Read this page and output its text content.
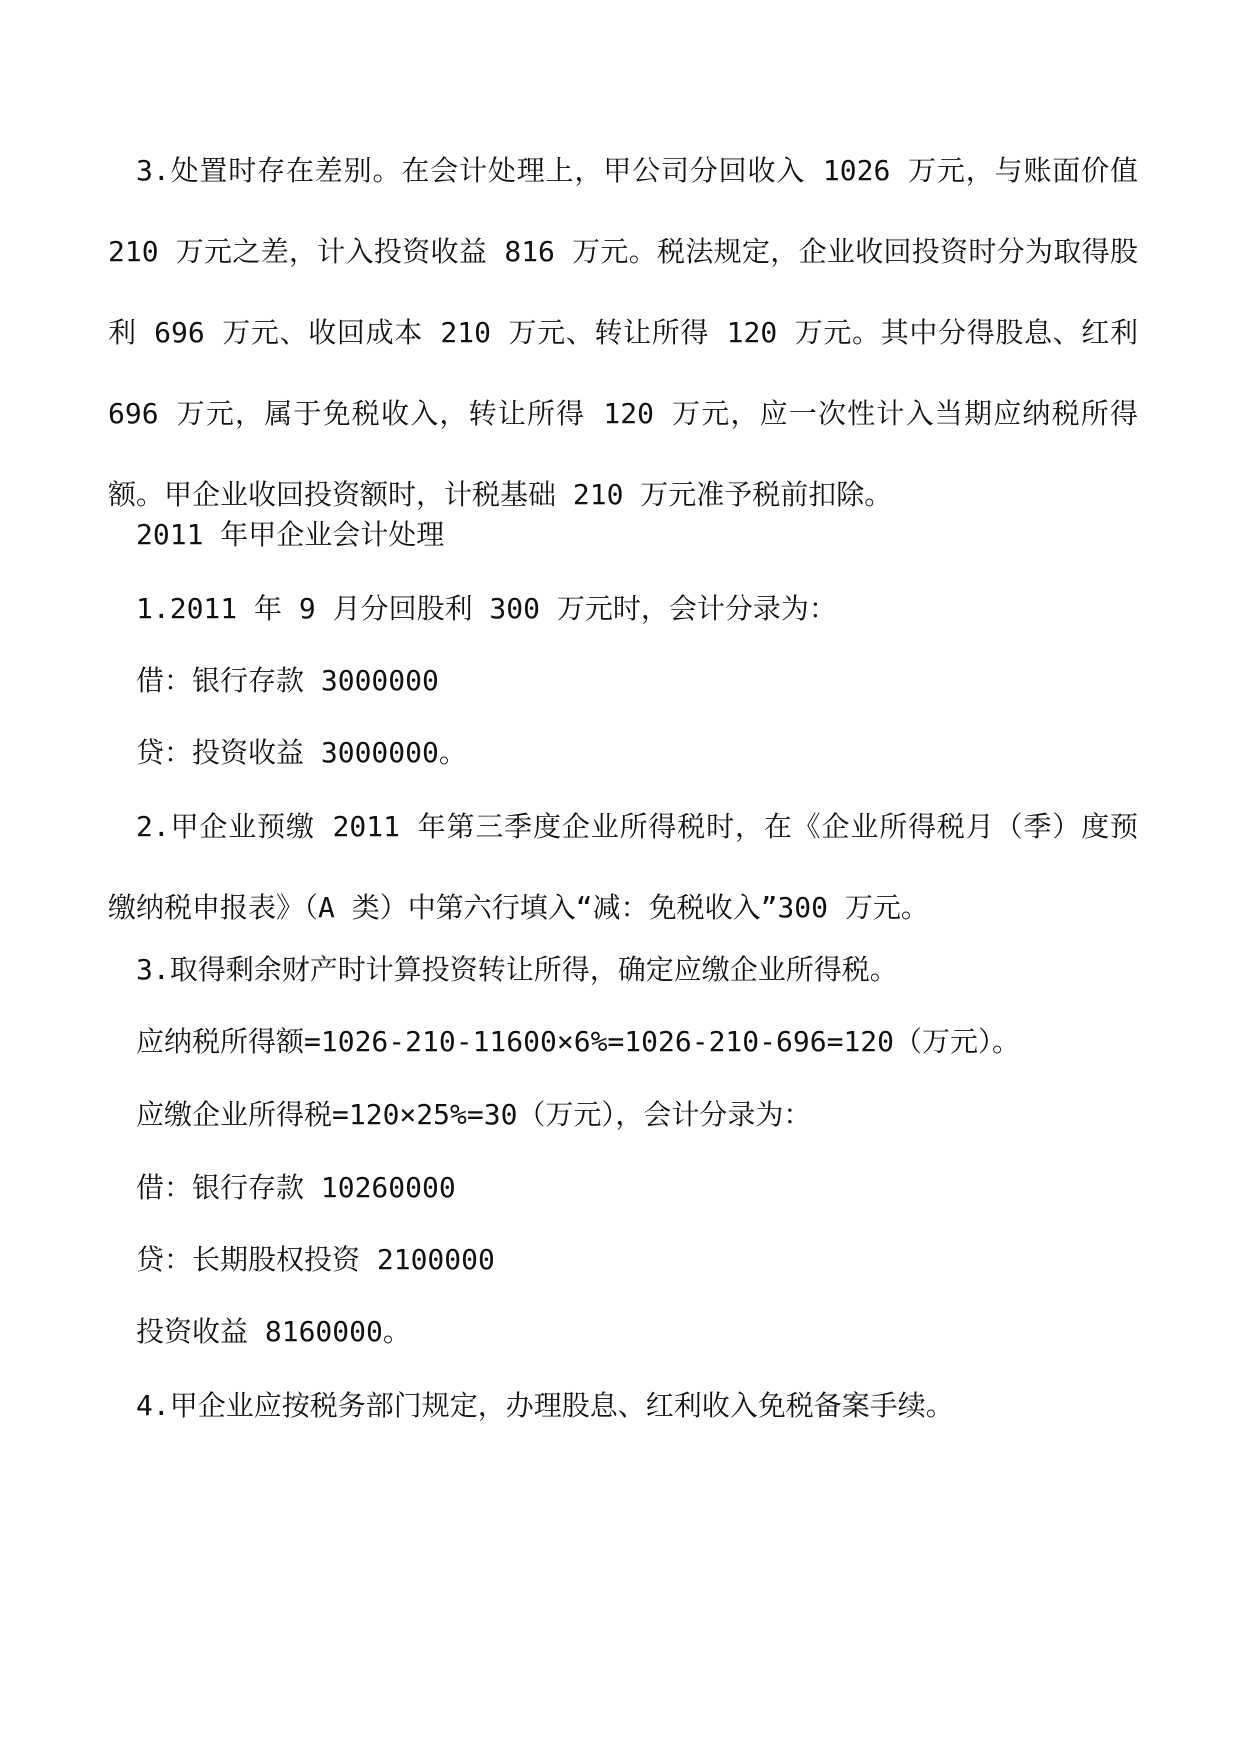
3.处置时存在差别。在会计处理上，甲公司分回收入 1026 万元，与账面价值 210 万元之差，计入投资收益 816 万元。税法规定，企业收回投资时分为取得股利 696 万元、收回成本 210 万元、转让所得 120 万元。其中分得股息、红利 696 万元，属于免税收入，转让所得 120 万元，应一次性计入当期应纳税所得额。甲企业收回投资额时，计税基础 210 万元准予税前扣除。

2011 年甲企业会计处理

1.2011 年 9 月分回股利 300 万元时，会计分录为：

借：银行存款 3000000

贷：投资收益 3000000。

2.甲企业预缴 2011 年第三季度企业所得税时，在《企业所得税月（季）度预缴纳税申报表》（A 类）中第六行填入“减：免税收入”300 万元。

3.取得剩余财产时计算投资转让所得，确定应缴企业所得税。

应纳税所得额=1026-210-11600×6%=1026-210-696=120（万元）。

应缴企业所得税=120×25%=30（万元），会计分录为：

借：银行存款 10260000

贷：长期股权投资 2100000

投资收益 8160000。

4.甲企业应按税务部门规定，办理股息、红利收入免税备案手续。
